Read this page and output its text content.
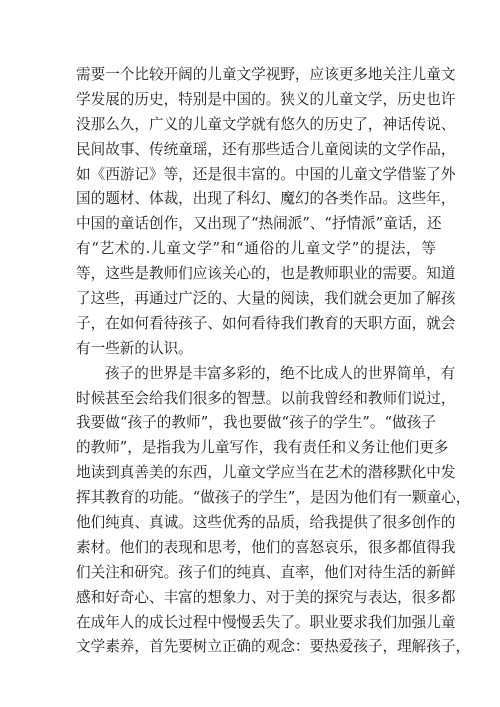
需要一个比较开阔的儿童文学视野，应该更多地关注儿童文
学发展的历史，特别是中国的。狭义的儿童文学，历史也许
没那么久，广义的儿童文学就有悠久的历史了，神话传说、
民间故事、传统童瑶，还有那些适合儿童阅读的文学作品，
如《西游记》等，还是很丰富的。中国的儿童文学借鉴了外
国的题材、体裁，出现了科幻、魔幻的各类作品。这些年，
中国的童话创作，又出现了“热闹派”、“抒情派”童话，还
有“艺术的.儿童文学”和“通俗的儿童文学”的提法，等
等，这些是教师们应该关心的，也是教师职业的需要。知道
了这些，再通过广泛的、大量的阅读，我们就会更加了解孩
子，在如何看待孩子、如何看待我们教育的天职方面，就会
有一些新的认识。
孩子的世界是丰富多彩的，绝不比成人的世界简单，有
时候甚至会给我们很多的智慧。以前我曾经和教师们说过，
我要做“孩子的教师”，我也要做“孩子的学生”。“做孩子
的教师”，是指我为儿童写作，我有责任和义务让他们更多
地读到真善美的东西，儿童文学应当在艺术的潜移默化中发
挥其教育的功能。“做孩子的学生”，是因为他们有一颗童心，
他们纯真、真诚。这些优秀的品质，给我提供了很多创作的
素材。他们的表现和思考，他们的喜怒哀乐，很多都值得我
们关注和研究。孩子们的纯真、直率，他们对待生活的新鲜
感和好奇心、丰富的想象力、对于美的探究与表达，很多都
在成年人的成长过程中慢慢丢失了。职业要求我们加强儿童
文学素养，首先要树立正确的观念：要热爱孩子，理解孩子，
